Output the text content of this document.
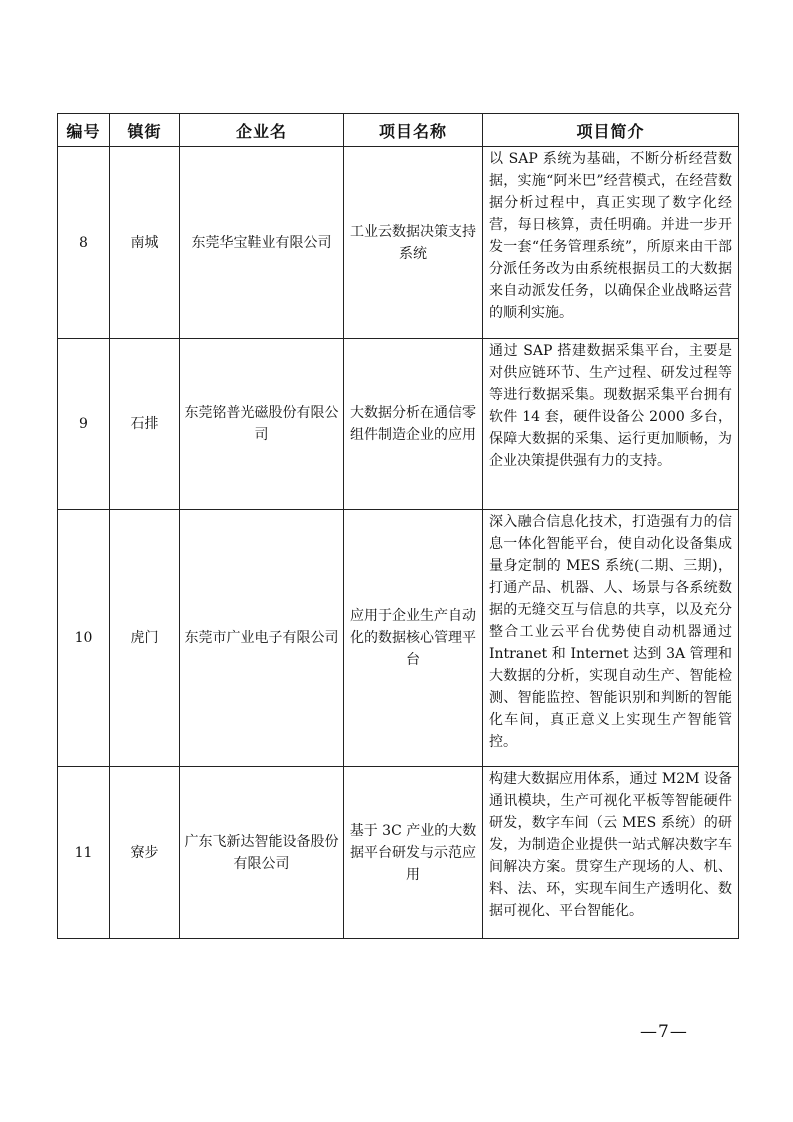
编号	镇街	企业名	项目名称	项目简介
8	南城	东莞华宝鞋业有限公司	工业云数据决策支持系统	以 SAP 系统为基础，不断分析经营数据，实施“阿米巴”经营模式，在经营数据分析过程中，真正实现了数字化经营，每日核算，责任明确。并进一步开发一套“任务管理系统”，所原来由干部分派任务改为由系统根据员工的大数据来自动派发任务，以确保企业战略运营的顺利实施。
9	石排	东莞铭普光磁股份有限公司	大数据分析在通信零组件制造企业的应用	通过 SAP 搭建数据采集平台，主要是对供应链环节、生产过程、研发过程等等进行数据采集。现数据采集平台拥有软件 14 套，硬件设备公 2000 多台，保障大数据的采集、运行更加顺畅，为企业决策提供强有力的支持。
10	虎门	东莞市广业电子有限公司	应用于企业生产自动化的数据核心管理平台	深入融合信息化技术，打造强有力的信息一体化智能平台，使自动化设备集成量身定制的 MES 系统(二期、三期)，打通产品、机器、人、场景与各系统数据的无缝交互与信息的共享，以及充分整合工业云平台优势使自动机器通过 Intranet 和 Internet 达到 3A 管理和大数据的分析，实现自动生产、智能检测、智能监控、智能识别和判断的智能化车间，真正意义上实现生产智能管控。
11	寮步	广东飞新达智能设备股份有限公司	基于 3C 产业的大数据平台研发与示范应用	构建大数据应用体系，通过 M2M 设备通讯模块，生产可视化平板等智能硬件研发，数字车间（云 MES 系统）的研发，为制造企业提供一站式解决数字车间解决方案。贯穿生产现场的人、机、料、法、环，实现车间生产透明化、数据可视化、平台智能化。
—7—
